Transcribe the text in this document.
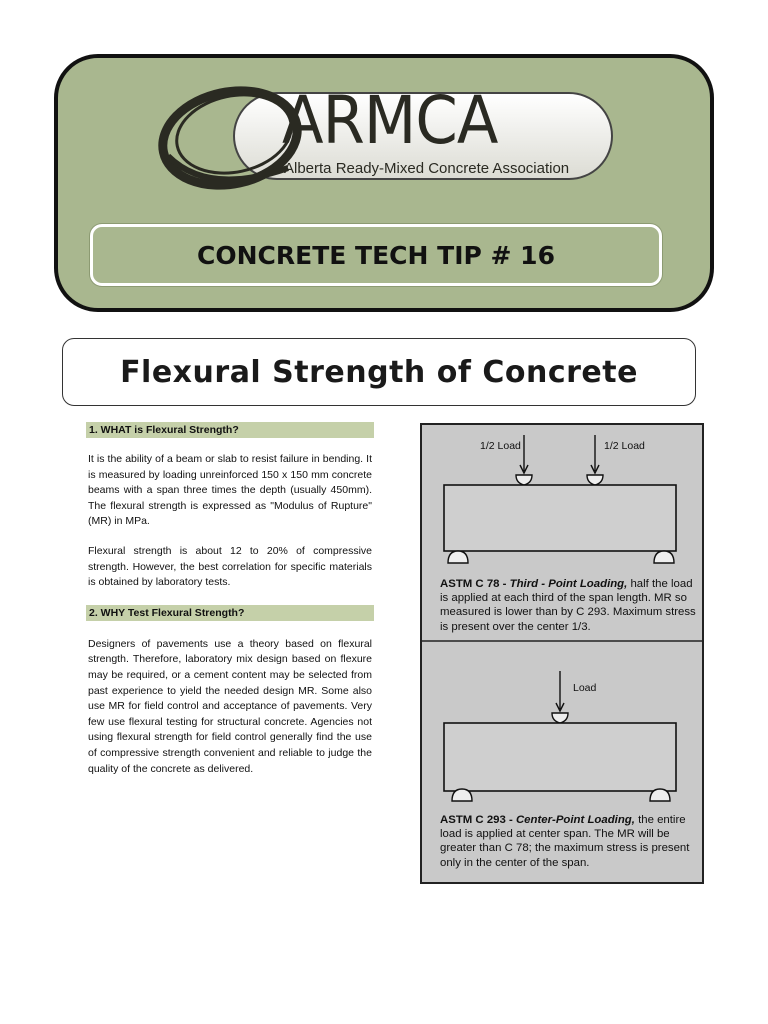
ARMCA
Alberta Ready-Mixed Concrete Association
CONCRETE TECH TIP # 16
Flexural Strength of Concrete
1. WHAT is Flexural Strength?

It is the ability of a beam or slab to resist failure in bending. It is measured by loading unreinforced 150 x 150 mm concrete beams with a span three times the depth (usually 450mm). The flexural strength is expressed as "Modulus of Rupture" (MR) in MPa.

Flexural strength is about 12 to 20% of compressive strength. However, the best correlation for specific materials is obtained by laboratory tests.

2. WHY Test Flexural Strength?

Designers of pavements use a theory based on flexural strength. Therefore, laboratory mix design based on flexure may be required, or a cement content may be selected from past experience to yield the needed design MR. Some also use MR for field control and acceptance of pavements. Very few use flexural testing for structural concrete. Agencies not using flexural strength for field control generally find the use of compressive strength convenient and reliable to judge the quality of the concrete as delivered.

1/2 Load	1/2 Load
Load
ASTM C 78 - Third - Point Loading, half the load is applied at each third of the span length. MR so measured is lower than by C 293. Maximum stress is present over the center 1/3.
ASTM C 293 - Center-Point Loading, the entire load is applied at center span. The MR will be greater than C 78; the maximum stress is present only in the center of the span.
